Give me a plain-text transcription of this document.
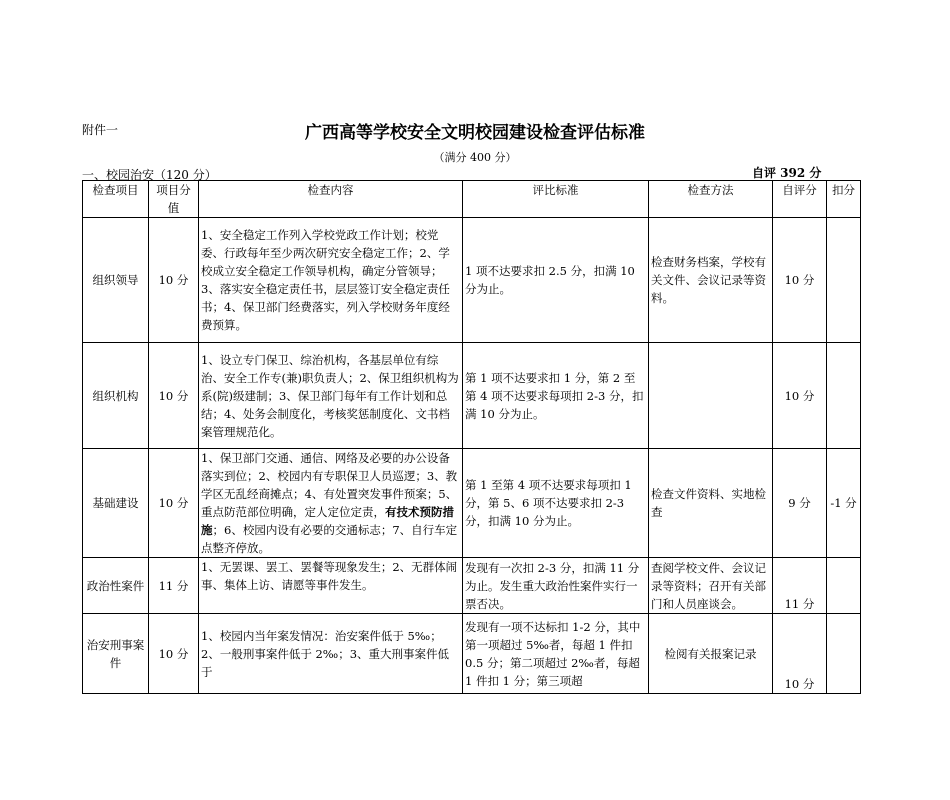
附件一	广西高等学校安全文明校园建设检查评估标准
（满分 400 分）
一、校园治安（120 分）	自评 392 分
检查项目	项目分值	检查内容	评比标准	检查方法	自评分	扣分
组织领导	10 分	1、安全稳定工作列入学校党政工作计划；校党委、行政每年至少两次研究安全稳定工作；2、学校成立安全稳定工作领导机构，确定分管领导；3、落实安全稳定责任书，层层签订安全稳定责任书；4、保卫部门经费落实，列入学校财务年度经费预算。	1 项不达要求扣 2.5 分，扣满 10 分为止。	检查财务档案，学校有关文件、会议记录等资料。	10 分	
组织机构	10 分	1、设立专门保卫、综治机构，各基层单位有综治、安全工作专(兼)职负责人；2、保卫组织机构为系(院)级建制；3、保卫部门每年有工作计划和总结；4、处务会制度化，考核奖惩制度化、文书档案管理规范化。	第 1 项不达要求扣 1 分，第 2 至第 4 项不达要求每项扣 2-3 分，扣满 10 分为止。		10 分	
基础建设	10 分	1、保卫部门交通、通信、网络及必要的办公设备落实到位；2、校园内有专职保卫人员巡逻；3、教学区无乱经商摊点；4、有处置突发事件预案；5、重点防范部位明确，定人定位定责，有技术预防措施；6、校园内设有必要的交通标志；7、自行车定点整齐停放。	第 1 至第 4 项不达要求每项扣 1 分，第 5、6 项不达要求扣 2-3 分，扣满 10 分为止。	检查文件资料、实地检查	9 分	-1 分
政治性案件	11 分	1、无罢课、罢工、罢餐等现象发生；2、无群体闹事、集体上访、请愿等事件发生。	发现有一次扣 2-3 分，扣满 11 分为止。发生重大政治性案件实行一票否决。	查阅学校文件、会议记录等资料；召开有关部门和人员座谈会。	11 分	
治安刑事案件	10 分	1、校园内当年案发情况：治安案件低于 5‰；2、一般刑事案件低于 2‰；3、重大刑事案件低于	发现有一项不达标扣 1-2 分，其中第一项超过 5‰者，每超 1 件扣 0.5 分；第二项超过 2‰者，每超 1 件扣 1 分；第三项超	检阅有关报案记录	10 分	
